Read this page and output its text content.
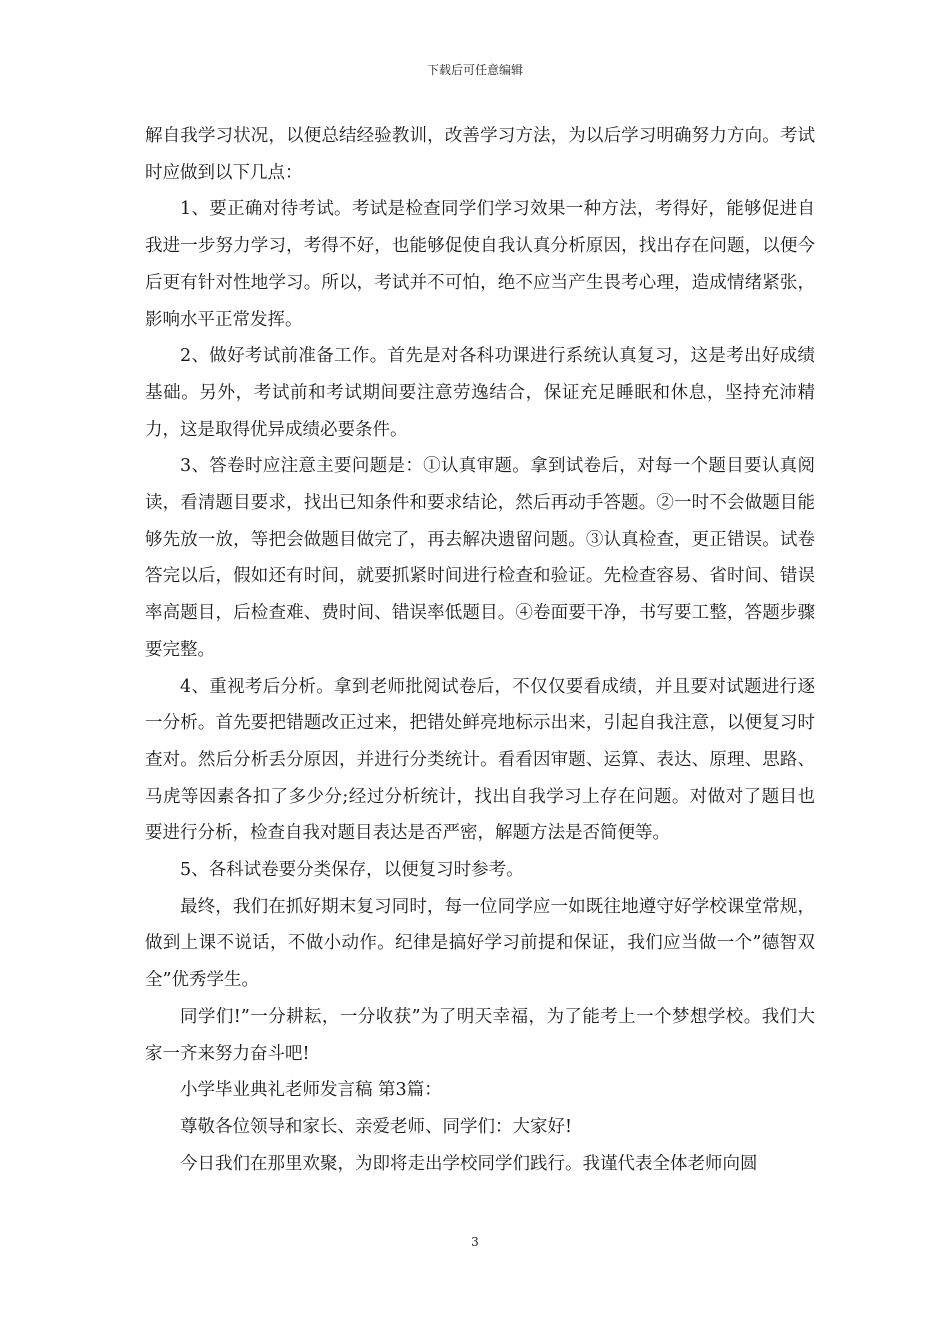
下载后可任意编辑

解自我学习状况，以便总结经验教训，改善学习方法，为以后学习明确努力方向。考试时应做到以下几点：

1、要正确对待考试。考试是检查同学们学习效果一种方法，考得好，能够促进自我进一步努力学习，考得不好，也能够促使自我认真分析原因，找出存在问题，以便今后更有针对性地学习。所以，考试并不可怕，绝不应当产生畏考心理，造成情绪紧张，影响水平正常发挥。

2、做好考试前准备工作。首先是对各科功课进行系统认真复习，这是考出好成绩基础。另外，考试前和考试期间要注意劳逸结合，保证充足睡眠和休息，坚持充沛精力，这是取得优异成绩必要条件。

3、答卷时应注意主要问题是：①认真审题。拿到试卷后，对每一个题目要认真阅读，看清题目要求，找出已知条件和要求结论，然后再动手答题。②一时不会做题目能够先放一放，等把会做题目做完了，再去解决遗留问题。③认真检查，更正错误。试卷答完以后，假如还有时间，就要抓紧时间进行检查和验证。先检查容易、省时间、错误率高题目，后检查难、费时间、错误率低题目。④卷面要干净，书写要工整，答题步骤要完整。

4、重视考后分析。拿到老师批阅试卷后，不仅仅要看成绩，并且要对试题进行逐一分析。首先要把错题改正过来，把错处鲜亮地标示出来，引起自我注意，以便复习时查对。然后分析丢分原因，并进行分类统计。看看因审题、运算、表达、原理、思路、马虎等因素各扣了多少分;经过分析统计，找出自我学习上存在问题。对做对了题目也要进行分析，检查自我对题目表达是否严密，解题方法是否简便等。

5、各科试卷要分类保存，以便复习时参考。

最终，我们在抓好期末复习同时，每一位同学应一如既往地遵守好学校课堂常规，做到上课不说话，不做小动作。纪律是搞好学习前提和保证，我们应当做一个”德智双全”优秀学生。

同学们!”一分耕耘，一分收获”为了明天幸福，为了能考上一个梦想学校。我们大家一齐来努力奋斗吧!

小学毕业典礼老师发言稿 第3篇：

尊敬各位领导和家长、亲爱老师、同学们：大家好!

今日我们在那里欢聚，为即将走出学校同学们践行。我谨代表全体老师向圆

3
